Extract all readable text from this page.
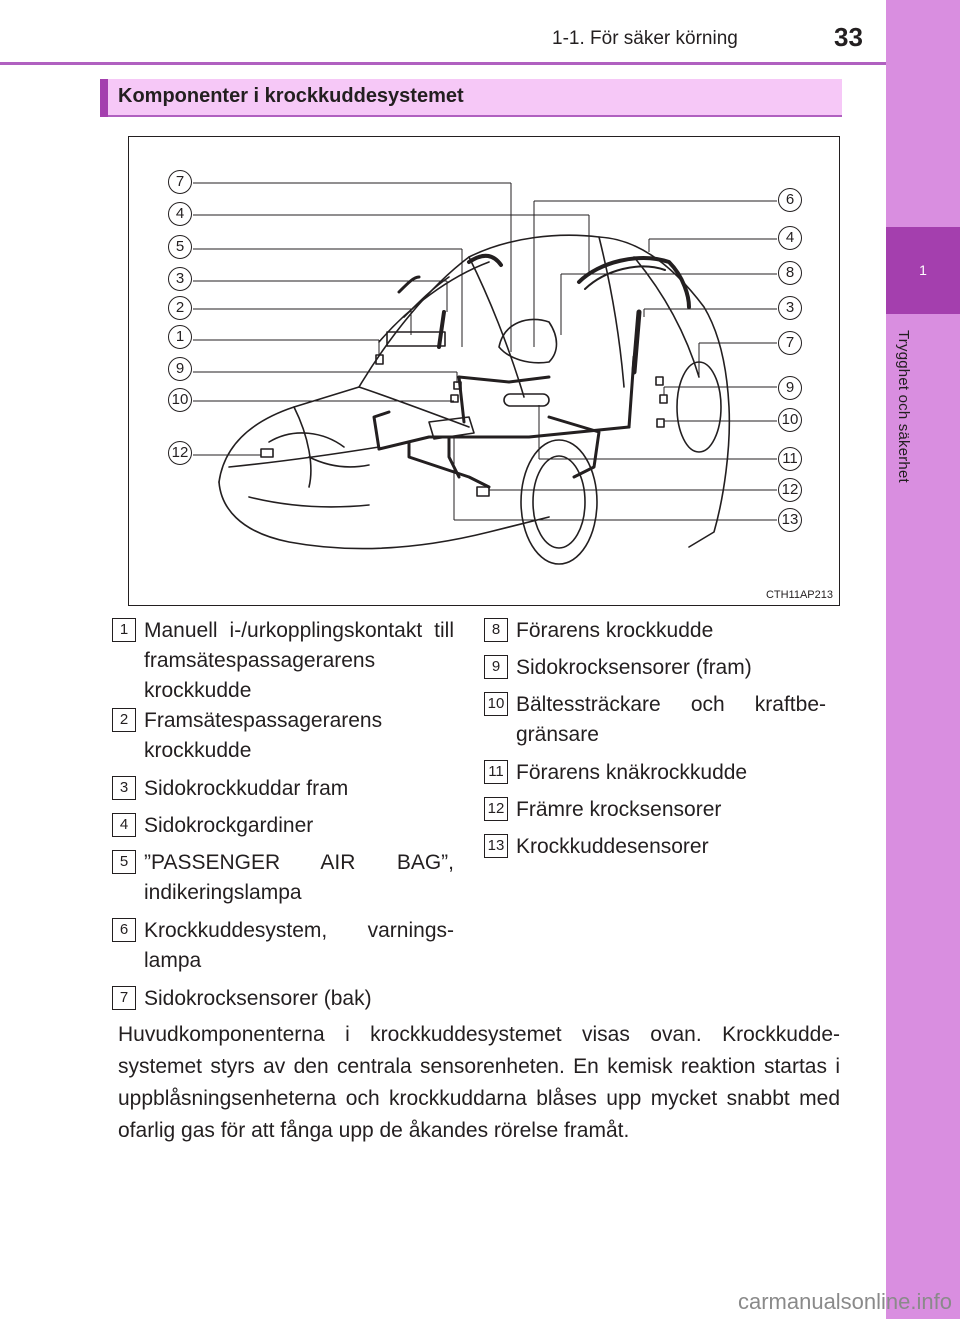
1-1. För säker körning	33
1
Trygghet och säkerhet
Komponenter i krockkuddesystemet
CTH11AP213
7
4
5
3
2
1
9
10
12
6
4
8
3
7
9
10
11
12
13
1 Manuell i-/urkopplingskontakt till framsätespassagerarens krockkudde
2 Framsätespassagerarens krockkudde
3 Sidokrockkuddar fram
4 Sidokrockgardiner
5 ”PASSENGER AIR BAG”, indikeringslampa
6 Krockkuddesystem, varnings-lampa
7 Sidokrocksensorer (bak)
8 Förarens krockkudde
9 Sidokrocksensorer (fram)
10 Bältessträckare och kraftbe-gränsare
11 Förarens knäkrockkudde
12 Främre krocksensorer
13 Krockkuddesensorer
Huvudkomponenterna i krockkuddesystemet visas ovan. Krockkudde-systemet styrs av den centrala sensorenheten. En kemisk reaktion startas i uppblåsningsenheterna och krockkuddarna blåses upp mycket snabbt med ofarlig gas för att fånga upp de åkandes rörelse framåt.
carmanualsonline.info
